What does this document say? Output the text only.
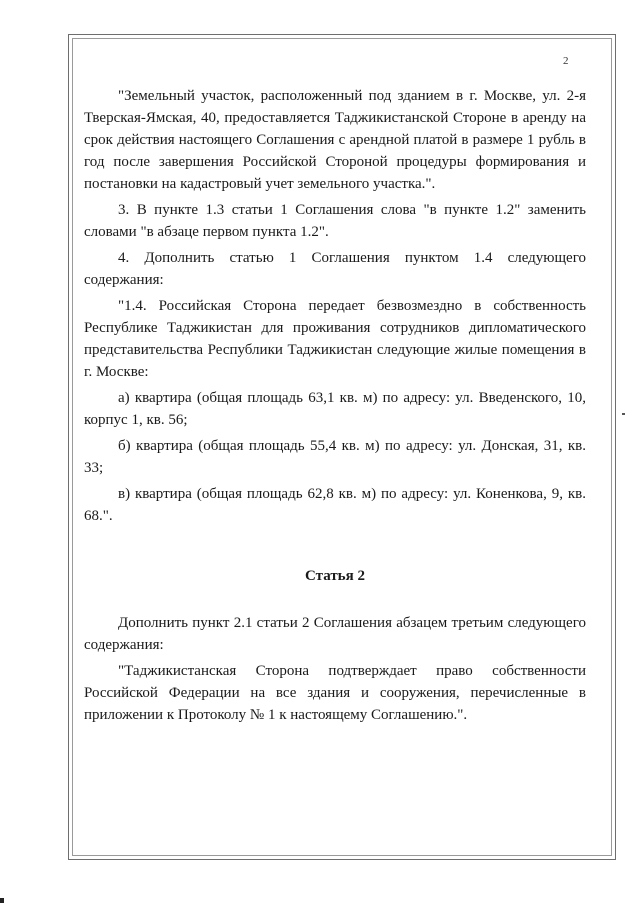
2

"Земельный участок, расположенный под зданием в г. Москве, ул. 2-я Тверская-Ямская, 40, предоставляется Таджикистанской Стороне в аренду на срок действия настоящего Соглашения с арендной платой в размере 1 рубль в год после завершения Российской Стороной процедуры формирования и постановки на кадастровый учет земельного участка.".

3. В пункте 1.3 статьи 1 Соглашения слова "в пункте 1.2" заменить словами "в абзаце первом пункта 1.2".

4. Дополнить статью 1 Соглашения пунктом 1.4 следующего содержания:

"1.4. Российская Сторона передает безвозмездно в собственность Республике Таджикистан для проживания сотрудников дипломатического представительства Республики Таджикистан следующие жилые помещения в г. Москве:

а) квартира (общая площадь 63,1 кв. м) по адресу: ул. Введенского, 10, корпус 1, кв. 56;

б) квартира (общая площадь 55,4 кв. м) по адресу: ул. Донская, 31, кв. 33;

в) квартира (общая площадь 62,8 кв. м) по адресу: ул. Коненкова, 9, кв. 68.".

Статья 2

Дополнить пункт 2.1 статьи 2 Соглашения абзацем третьим следующего содержания:

"Таджикистанская Сторона подтверждает право собственности Российской Федерации на все здания и сооружения, перечисленные в приложении к Протоколу № 1 к настоящему Соглашению.".
